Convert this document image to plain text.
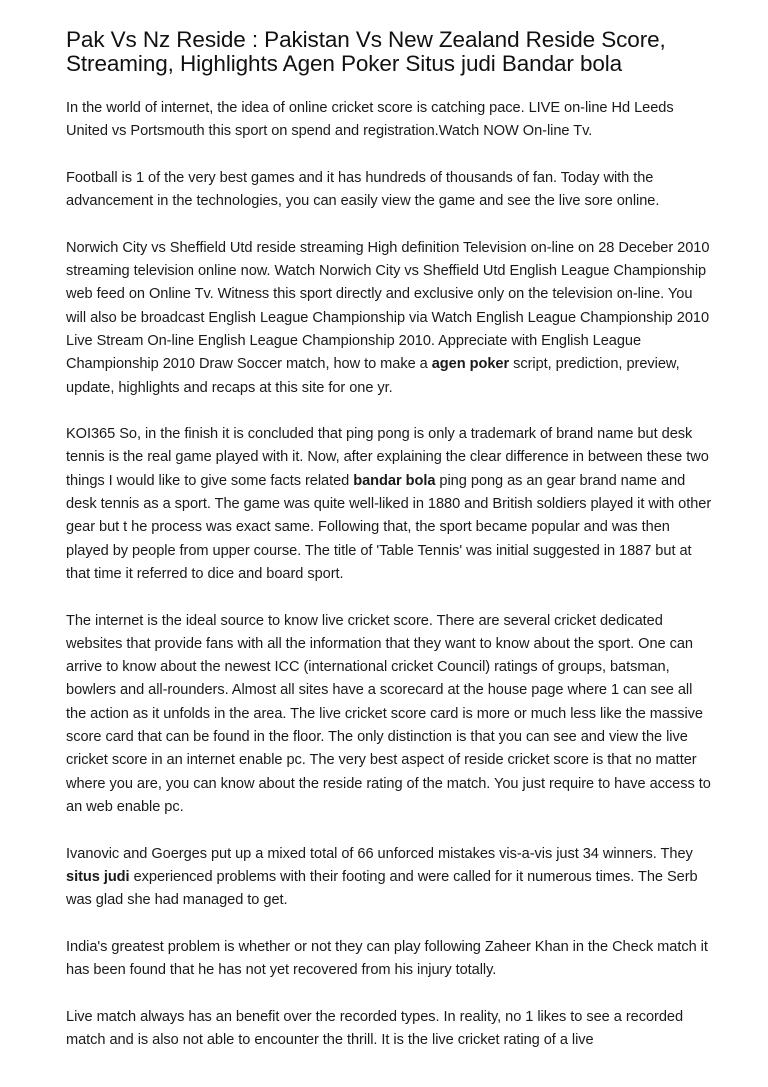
Pak Vs Nz Reside : Pakistan Vs New Zealand Reside Score, Streaming, Highlights Agen Poker Situs judi Bandar bola

In the world of internet, the idea of online cricket score is catching pace. LIVE on-line Hd Leeds United vs Portsmouth this sport on spend and registration.Watch NOW On-line Tv.

Football is 1 of the very best games and it has hundreds of thousands of fan. Today with the advancement in the technologies, you can easily view the game and see the live sore online.

Norwich City vs Sheffield Utd reside streaming High definition Television on-line on 28 Deceber 2010 streaming television online now. Watch Norwich City vs Sheffield Utd English League Championship web feed on Online Tv. Witness this sport directly and exclusive only on the television on-line. You will also be broadcast English League Championship via Watch English League Championship 2010 Live Stream On-line English League Championship 2010. Appreciate with English League Championship 2010 Draw Soccer match, how to make a agen poker script, prediction, preview, update, highlights and recaps at this site for one yr.

KOI365 So, in the finish it is concluded that ping pong is only a trademark of brand name but desk tennis is the real game played with it. Now, after explaining the clear difference in between these two things I would like to give some facts related bandar bola ping pong as an gear brand name and desk tennis as a sport. The game was quite well-liked in 1880 and British soldiers played it with other gear but t he process was exact same. Following that, the sport became popular and was then played by people from upper course. The title of 'Table Tennis' was initial suggested in 1887 but at that time it referred to dice and board sport.

The internet is the ideal source to know live cricket score. There are several cricket dedicated websites that provide fans with all the information that they want to know about the sport. One can arrive to know about the newest ICC (international cricket Council) ratings of groups, batsman, bowlers and all-rounders. Almost all sites have a scorecard at the house page where 1 can see all the action as it unfolds in the area. The live cricket score card is more or much less like the massive score card that can be found in the floor. The only distinction is that you can see and view the live cricket score in an internet enable pc. The very best aspect of reside cricket score is that no matter where you are, you can know about the reside rating of the match. You just require to have access to an web enable pc.

Ivanovic and Goerges put up a mixed total of 66 unforced mistakes vis-a-vis just 34 winners. They situs judi experienced problems with their footing and were called for it numerous times. The Serb was glad she had managed to get.

India's greatest problem is whether or not they can play following Zaheer Khan in the Check match it has been found that he has not yet recovered from his injury totally.

Live match always has an benefit over the recorded types. In reality, no 1 likes to see a recorded match and is also not able to encounter the thrill. It is the live cricket rating of a live
